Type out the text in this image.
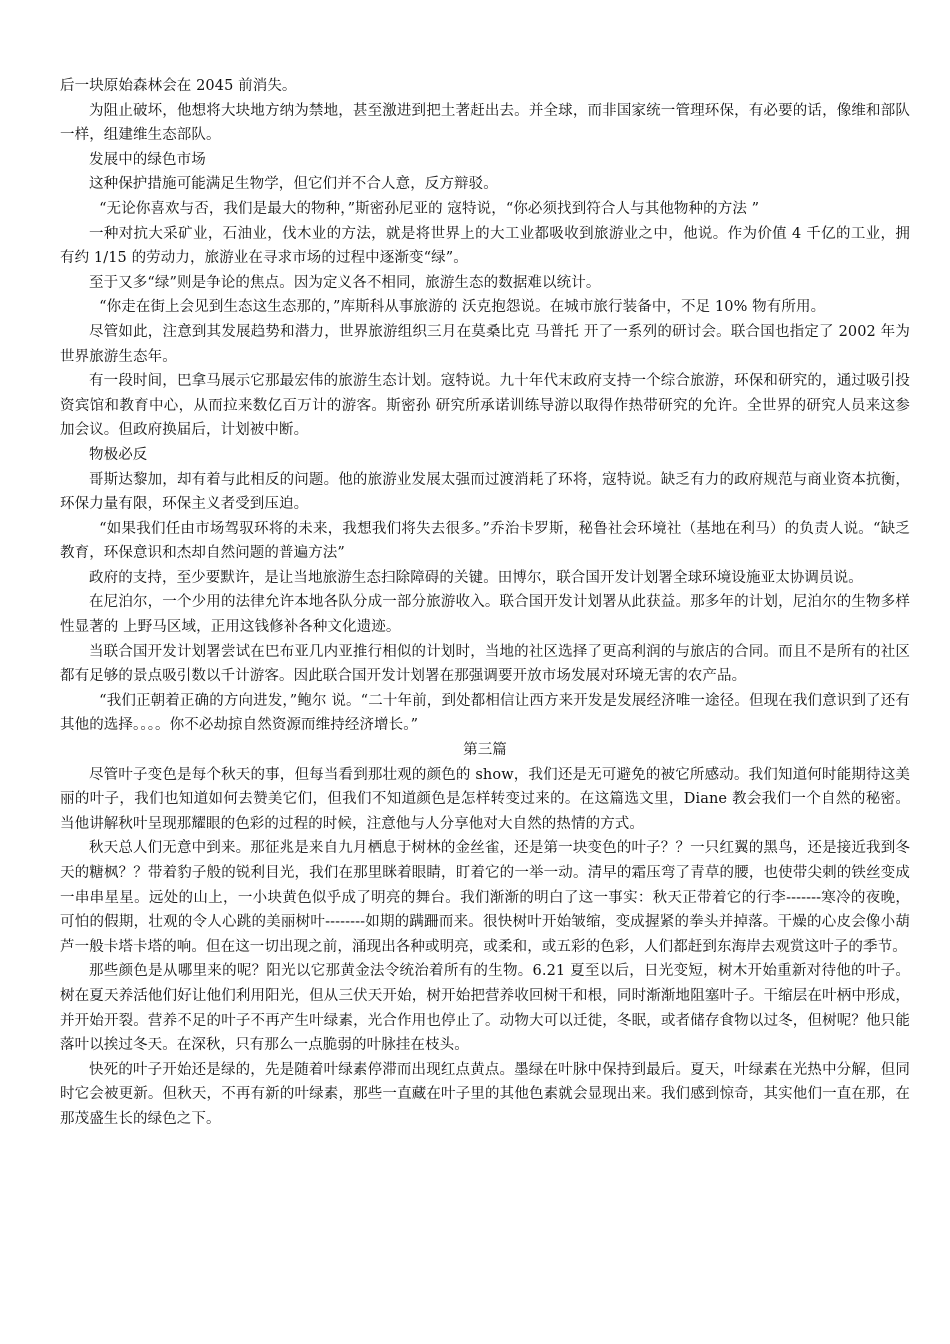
后一块原始森林会在 2045 前消失。

为阻止破坏，他想将大块地方纳为禁地，甚至激进到把土著赶出去。并全球，而非国家统一管理环保，有必要的话，像维和部队一样，组建维生态部队。

发展中的绿色市场

这种保护措施可能满足生物学，但它们并不合人意，反方辩驳。

“无论你喜欢与否，我们是最大的物种，”斯密孙尼亚的 寇特说，“你必须找到符合人与其他物种的方法 ”

一种对抗大采矿业，石油业，伐木业的方法，就是将世界上的大工业都吸收到旅游业之中，他说。作为价值 4 千亿的工业，拥有约 1/15 的劳动力，旅游业在寻求市场的过程中逐渐变“绿”。

至于又多“绿”则是争论的焦点。因为定义各不相同，旅游生态的数据难以统计。

“你走在街上会见到生态这生态那的，”库斯科从事旅游的 沃克抱怨说。在城市旅行装备中，不足 10% 物有所用。

尽管如此，注意到其发展趋势和潜力，世界旅游组织三月在莫桑比克 马普托 开了一系列的研讨会。联合国也指定了 2002 年为世界旅游生态年。

有一段时间，巴拿马展示它那最宏伟的旅游生态计划。寇特说。九十年代末政府支持一个综合旅游，环保和研究的，通过吸引投资宾馆和教育中心，从而拉来数亿百万计的游客。斯密孙 研究所承诺训练导游以取得作热带研究的允许。全世界的研究人员来这参加会议。但政府换届后，计划被中断。

物极必反

哥斯达黎加，却有着与此相反的问题。他的旅游业发展太强而过渡消耗了环将，寇特说。缺乏有力的政府规范与商业资本抗衡，环保力量有限，环保主义者受到压迫。

“如果我们任由市场驾驭环将的未来，我想我们将失去很多。”乔治卡罗斯，秘鲁社会环境社（基地在利马）的负责人说。“缺乏教育，环保意识和杰却自然问题的普遍方法”

政府的支持，至少要默许，是让当地旅游生态扫除障碍的关键。田博尔，联合国开发计划署全球环境设施亚太协调员说。

在尼泊尔，一个少用的法律允许本地各队分成一部分旅游收入。联合国开发计划署从此获益。那多年的计划，尼泊尔的生物多样性显著的 上野马区域，正用这钱修补各种文化遗迹。

当联合国开发计划署尝试在巴布亚几内亚推行相似的计划时，当地的社区选择了更高利润的与旅店的合同。而且不是所有的社区都有足够的景点吸引数以千计游客。因此联合国开发计划署在那强调要开放市场发展对环境无害的农产品。

“我们正朝着正确的方向进发，”鲍尔 说。“二十年前，到处都相信让西方来开发是发展经济唯一途径。但现在我们意识到了还有其他的选择。。。。你不必劫掠自然资源而维持经济增长。”

第三篇

尽管叶子变色是每个秋天的事，但每当看到那壮观的颜色的 show，我们还是无可避免的被它所感动。我们知道何时能期待这美丽的叶子，我们也知道如何去赞美它们，但我们不知道颜色是怎样转变过来的。在这篇选文里，Diane 教会我们一个自然的秘密。当他讲解秋叶呈现那耀眼的色彩的过程的时候，注意他与人分享他对大自然的热情的方式。

秋天总人们无意中到来。那征兆是来自九月栖息于树林的金丝雀，还是第一块变色的叶子？？一只红翼的黑鸟，还是接近我到冬天的糖枫？？带着豹子般的锐利目光，我们在那里眯着眼睛，盯着它的一举一动。清早的霜压弯了青草的腰，也使带尖刺的铁丝变成一串串星星。远处的山上，一小块黄色似乎成了明亮的舞台。我们渐渐的明白了这一事实：秋天正带着它的行李-------寒冷的夜晚，可怕的假期，壮观的令人心跳的美丽树叶--------如期的蹒跚而来。很快树叶开始皱缩，变成握紧的拳头并掉落。干燥的心皮会像小葫芦一般卡塔卡塔的响。但在这一切出现之前，涌现出各种或明亮，或柔和，或五彩的色彩，人们都赶到东海岸去观赏这叶子的季节。

那些颜色是从哪里来的呢？阳光以它那黄金法令统治着所有的生物。6.21 夏至以后，日光变短，树木开始重新对待他的叶子。树在夏天养活他们好让他们利用阳光，但从三伏天开始，树开始把营养收回树干和根，同时渐渐地阻塞叶子。干缩层在叶柄中形成，并开始开裂。营养不足的叶子不再产生叶绿素，光合作用也停止了。动物大可以迁徙，冬眠，或者储存食物以过冬，但树呢？他只能落叶以挨过冬天。在深秋，只有那么一点脆弱的叶脉挂在枝头。

快死的叶子开始还是绿的，先是随着叶绿素停滞而出现红点黄点。墨绿在叶脉中保持到最后。夏天，叶绿素在光热中分解，但同时它会被更新。但秋天，不再有新的叶绿素，那些一直藏在叶子里的其他色素就会显现出来。我们感到惊奇，其实他们一直在那，在那茂盛生长的绿色之下。
